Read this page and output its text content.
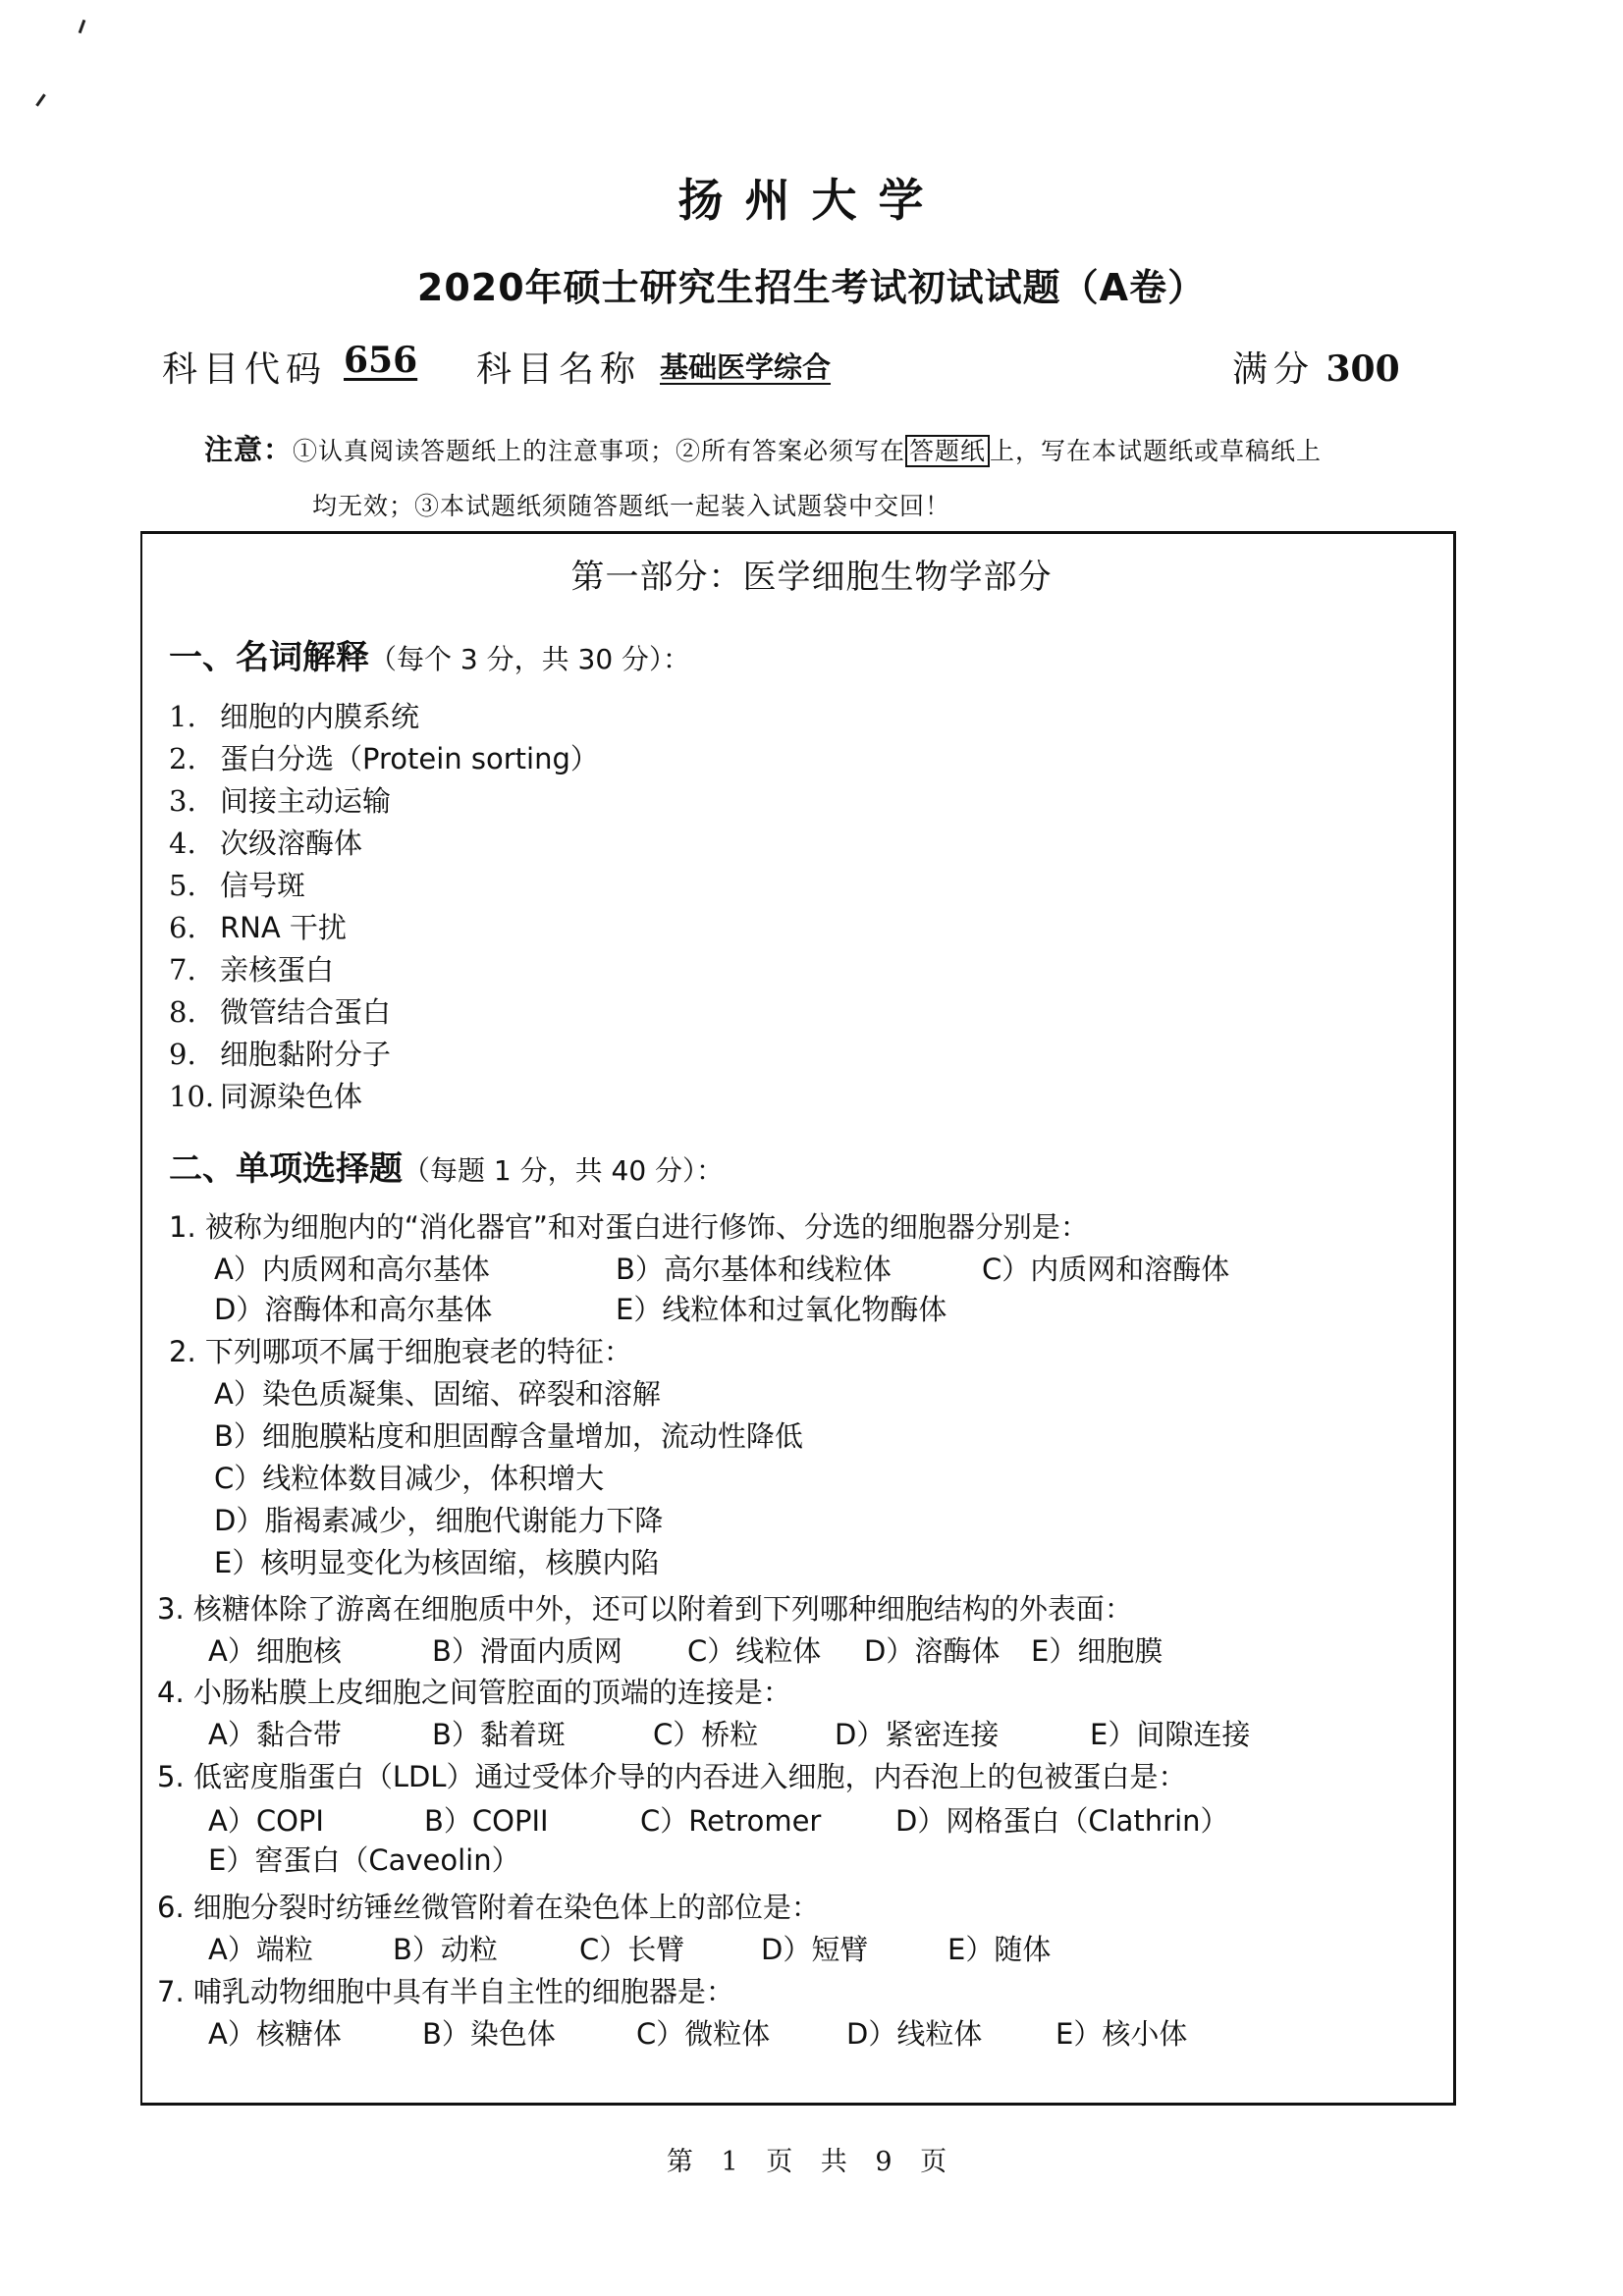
扬州大学
2020年硕士研究生招生考试初试试题（A卷）
科目代码 656 科目名称 基础医学综合	满分 300
注意：①认真阅读答题纸上的注意事项；②所有答案必须写在 答题纸 上，写在本试题纸或草稿纸上
均无效；③本试题纸须随答题纸一起装入试题袋中交回！
第一部分：医学细胞生物学部分
一、名词解释（每个 3 分，共 30 分）：
1. 细胞的内膜系统
2. 蛋白分选（Protein sorting）
3. 间接主动运输
4. 次级溶酶体
5. 信号斑
6. RNA 干扰
7. 亲核蛋白
8. 微管结合蛋白
9. 细胞黏附分子
10. 同源染色体
二、单项选择题（每题 1 分，共 40 分）：
1. 被称为细胞内的“消化器官”和对蛋白进行修饰、分选的细胞器分别是：
A）内质网和高尔基体	B）高尔基体和线粒体	C）内质网和溶酶体
D）溶酶体和高尔基体	E）线粒体和过氧化物酶体
2. 下列哪项不属于细胞衰老的特征：
A）染色质凝集、固缩、碎裂和溶解
B）细胞膜粘度和胆固醇含量增加，流动性降低
C）线粒体数目减少，体积增大
D）脂褐素减少，细胞代谢能力下降
E）核明显变化为核固缩，核膜内陷
3. 核糖体除了游离在细胞质中外，还可以附着到下列哪种细胞结构的外表面：
A）细胞核	B）滑面内质网 C）线粒体 D）溶酶体 E）细胞膜
4. 小肠粘膜上皮细胞之间管腔面的顶端的连接是：
A）黏合带	B）黏着斑	C）桥粒	D）紧密连接	E）间隙连接
5. 低密度脂蛋白（LDL）通过受体介导的内吞进入细胞，内吞泡上的包被蛋白是：
A）COPI	B）COPII	C）Retromer	D）网格蛋白（Clathrin）
E）窖蛋白（Caveolin）
6. 细胞分裂时纺锤丝微管附着在染色体上的部位是：
A）端粒	B）动粒	C）长臂	D）短臂	E）随体
7. 哺乳动物细胞中具有半自主性的细胞器是：
A）核糖体	B）染色体	C）微粒体	D）线粒体	E）核小体
第 1 页 共 9 页
